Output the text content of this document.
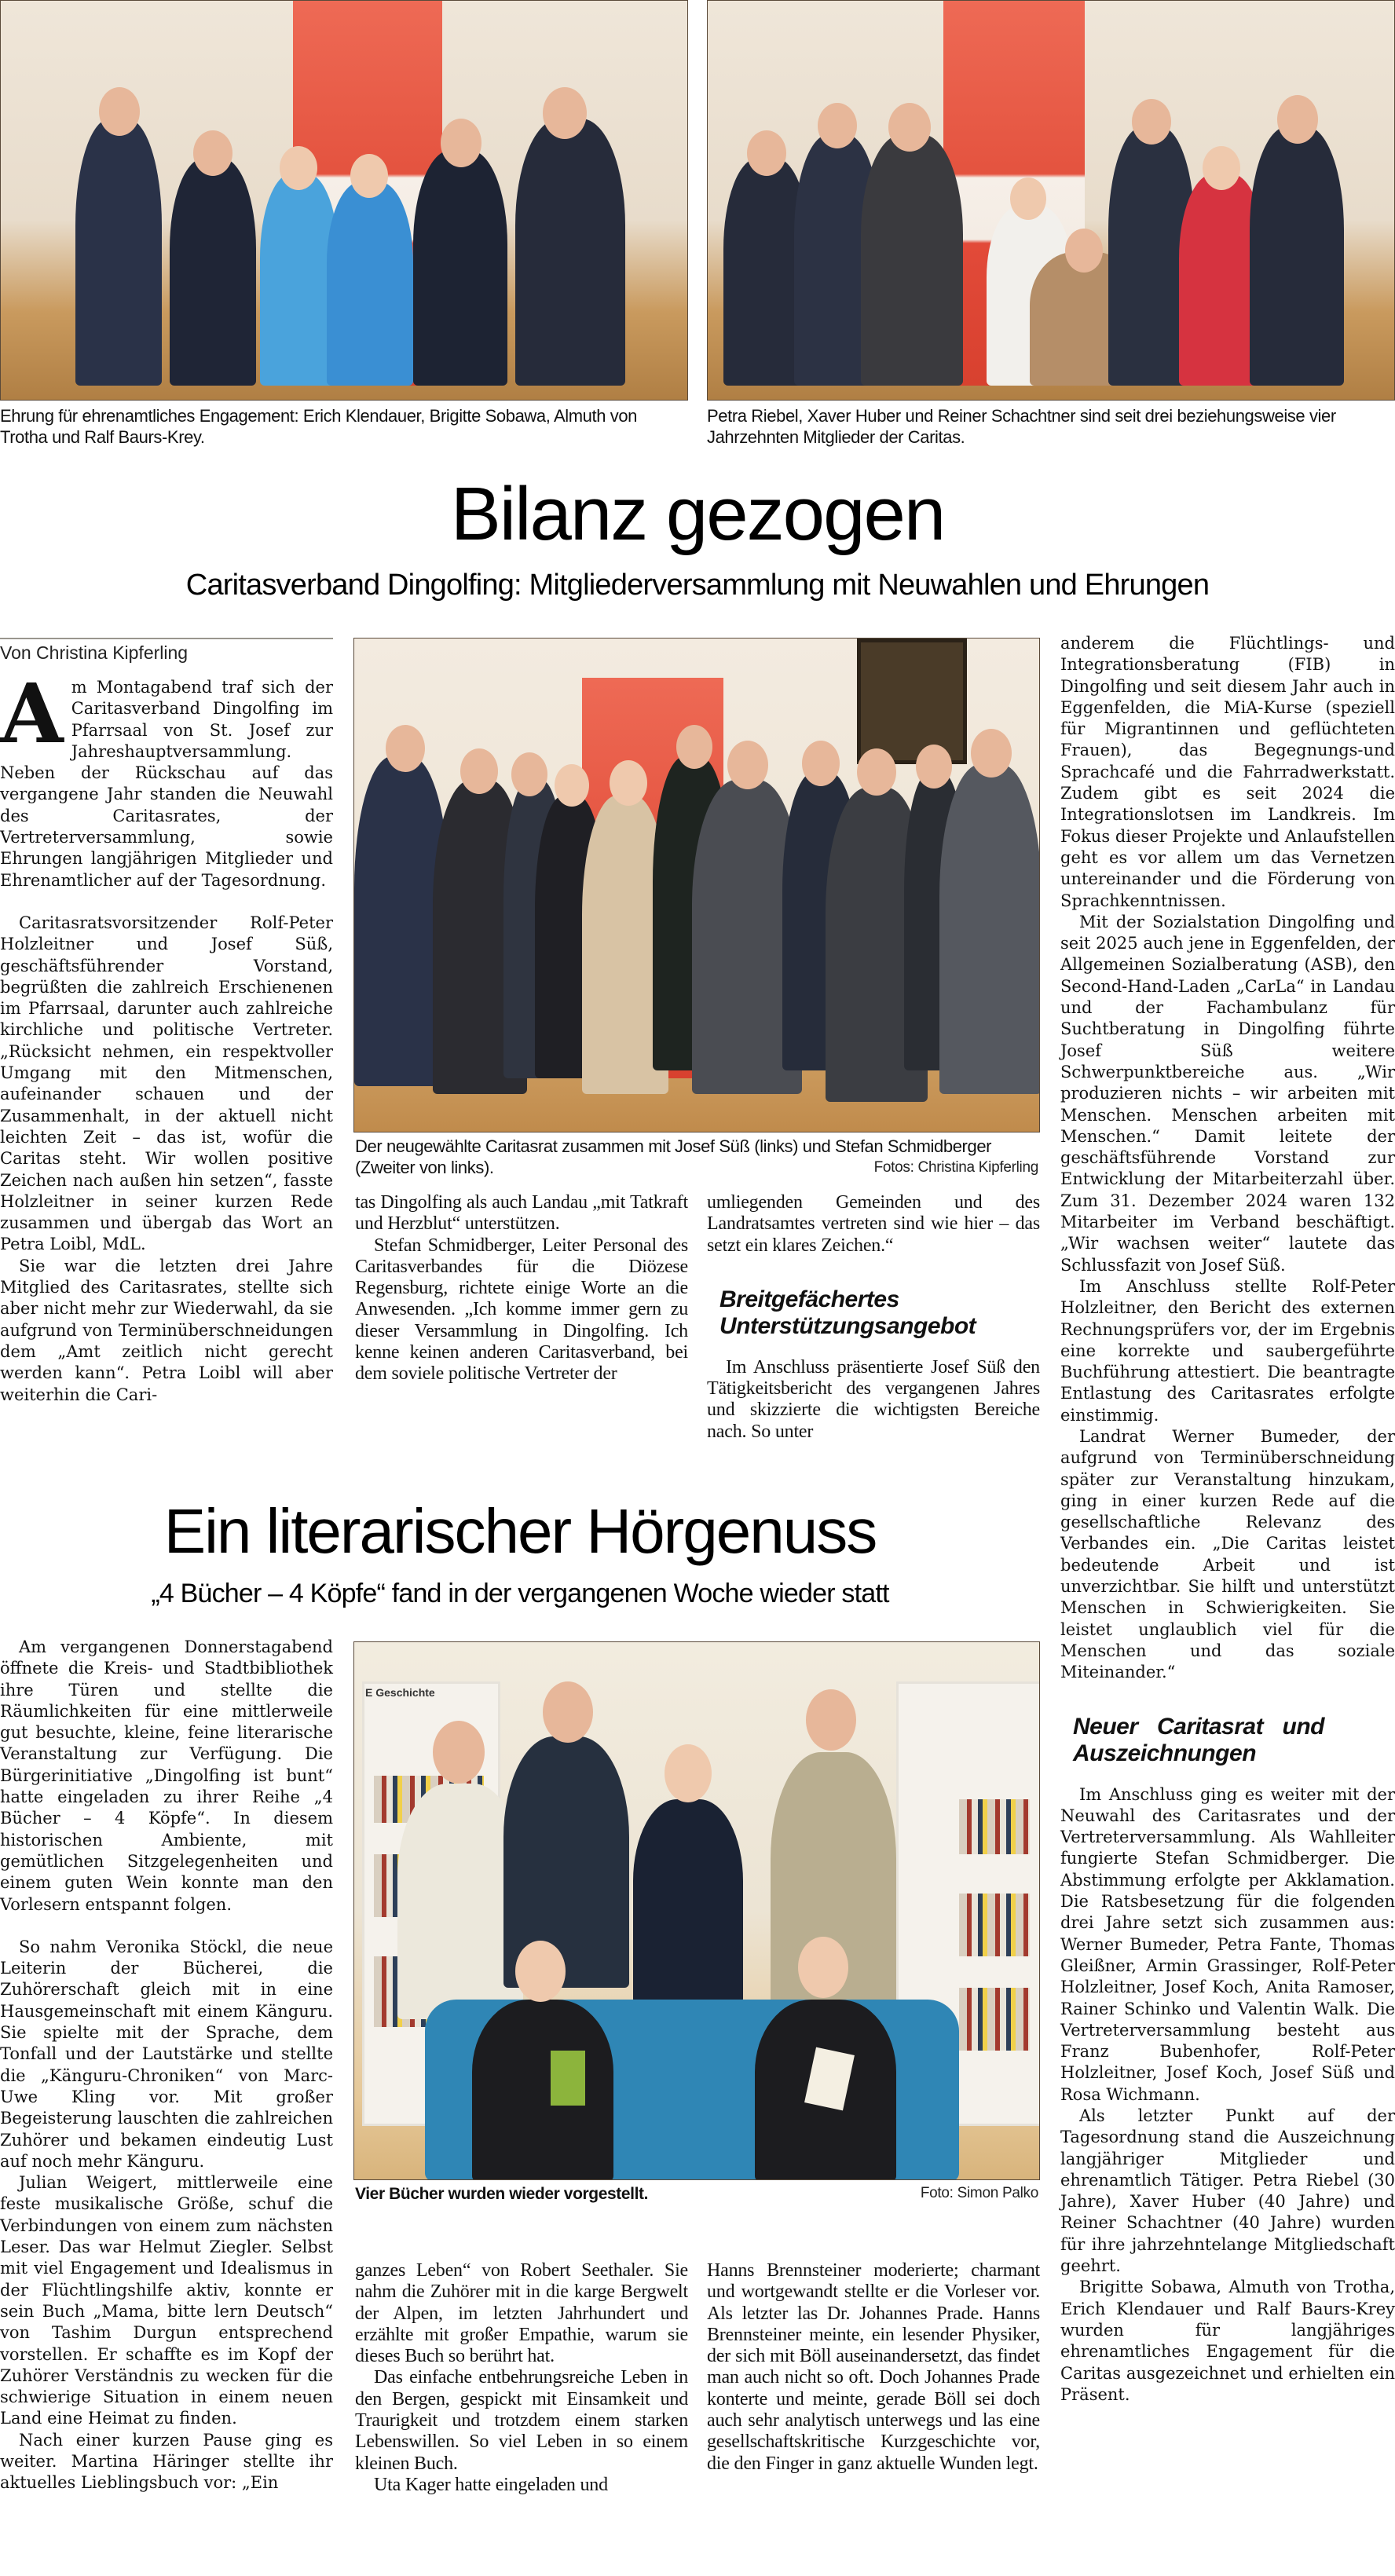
Ehrung für ehrenamtliches Engagement: Erich Klendauer, Brigitte Sobawa, Almuth von Trotha und Ralf Baurs-Krey.
Petra Riebel, Xaver Huber und Reiner Schachtner sind seit drei beziehungsweise vier Jahrzehnten Mitglieder der Caritas.
Bilanz gezogen
Caritasverband Dingolfing: Mitgliederversammlung mit Neuwahlen und Ehrungen
Von Christina Kipferling

Am Montagabend traf sich der Caritasverband Dingolfing im Pfarrsaal von St. Josef zur Jahreshauptversammlung. Neben der Rückschau auf das vergangene Jahr standen die Neuwahl des Caritasrates, der Vertreterversammlung, sowie Ehrungen langjährigen Mitglieder und Ehrenamtlicher auf der Tagesordnung.

Caritasratsvorsitzender Rolf-Peter Holzleitner und Josef Süß, geschäftsführender Vorstand, begrüßten die zahlreich Erschienenen im Pfarrsaal, darunter auch zahlreiche kirchliche und politische Vertreter. „Rücksicht nehmen, ein respektvoller Umgang mit den Mitmenschen, aufeinander schauen und der Zusammenhalt, in der aktuell nicht leichten Zeit – das ist, wofür die Caritas steht. Wir wollen positive Zeichen nach außen hin setzen“, fasste Holzleitner in seiner kurzen Rede zusammen und übergab das Wort an Petra Loibl, MdL.

Sie war die letzten drei Jahre Mitglied des Caritasrates, stellte sich aber nicht mehr zur Wiederwahl, da sie aufgrund von Terminüberschneidungen dem „Amt zeitlich nicht gerecht werden kann“. Petra Loibl will aber weiterhin die Cari-

Der neugewählte Caritasrat zusammen mit Josef Süß (links) und Stefan Schmidberger (Zweiter von links).	Fotos: Christina Kipferling

tas Dingolfing als auch Landau „mit Tatkraft und Herzblut“ unterstützen.

Stefan Schmidberger, Leiter Personal des Caritasverbandes für die Diözese Regensburg, richtete einige Worte an die Anwesenden. „Ich komme immer gern zu dieser Versammlung in Dingolfing. Ich kenne keinen anderen Caritasverband, bei dem soviele politische Vertreter der

umliegenden Gemeinden und des Landratsamtes vertreten sind wie hier – das setzt ein klares Zeichen.“

Breitgefächertes Unterstützungsangebot

Im Anschluss präsentierte Josef Süß den Tätigkeitsbericht des vergangenen Jahres und skizzierte die wichtigsten Bereiche nach. So unter

anderem die Flüchtlings- und Integrationsberatung (FIB) in Dingolfing und seit diesem Jahr auch in Eggenfelden, die MiA-Kurse (speziell für Migrantinnen und geflüchteten Frauen), das Begegnungs-und Sprachcafé und die Fahrradwerkstatt. Zudem gibt es seit 2024 die Integrationslotsen im Landkreis. Im Fokus dieser Projekte und Anlaufstellen geht es vor allem um das Vernetzen untereinander und die Förderung von Sprachkenntnissen.

Mit der Sozialstation Dingolfing und seit 2025 auch jene in Eggenfelden, der Allgemeinen Sozialberatung (ASB), den Second-Hand-Laden „CarLa“ in Landau und der Fachambulanz für Suchtberatung in Dingolfing führte Josef Süß weitere Schwerpunktbereiche aus. „Wir produzieren nichts – wir arbeiten mit Menschen. Menschen arbeiten mit Menschen.“ Damit leitete der geschäftsführende Vorstand zur Entwicklung der Mitarbeiterzahl über. Zum 31. Dezember 2024 waren 132 Mitarbeiter im Verband beschäftigt. „Wir wachsen weiter“ lautete das Schlussfazit von Josef Süß.

Im Anschluss stellte Rolf-Peter Holzleitner, den Bericht des externen Rechnungsprüfers vor, der im Ergebnis eine korrekte und saubergeführte Buchführung attestiert. Die beantragte Entlastung des Caritasrates erfolgte einstimmig.

Landrat Werner Bumeder, der aufgrund von Terminüberschneidung später zur Veranstaltung hinzukam, ging in einer kurzen Rede auf die gesellschaftliche Relevanz des Verbandes ein. „Die Caritas leistet bedeutende Arbeit und ist unverzichtbar. Sie hilft und unterstützt Menschen in Schwierigkeiten. Sie leistet unglaublich viel für die Menschen und das soziale Miteinander.“

Neuer Caritasrat und Auszeichnungen

Im Anschluss ging es weiter mit der Neuwahl des Caritasrates und der Vertreterversammlung. Als Wahlleiter fungierte Stefan Schmidberger. Die Abstimmung erfolgte per Akklamation. Die Ratsbesetzung für die folgenden drei Jahre setzt sich zusammen aus: Werner Bumeder, Petra Fante, Thomas Gleißner, Armin Grassinger, Rolf-Peter Holzleitner, Josef Koch, Anita Ramoser, Rainer Schinko und Valentin Walk. Die Vertreterversammlung besteht aus Franz Bubenhofer, Rolf-Peter Holzleitner, Josef Koch, Josef Süß und Rosa Wichmann.

Als letzter Punkt auf der Tagesordnung stand die Auszeichnung langjähriger Mitglieder und ehrenamtlich Tätiger. Petra Riebel (30 Jahre), Xaver Huber (40 Jahre) und Reiner Schachtner (40 Jahre) wurden für ihre jahrzehntelange Mitgliedschaft geehrt.

Brigitte Sobawa, Almuth von Trotha, Erich Klendauer und Ralf Baurs-Krey wurden für langjähriges ehrenamtliches Engagement für die Caritas ausgezeichnet und erhielten ein Präsent.

Ein literarischer Hörgenuss
„4 Bücher – 4 Köpfe“ fand in der vergangenen Woche wieder statt

Am vergangenen Donnerstagabend öffnete die Kreis- und Stadtbibliothek ihre Türen und stellte die Räumlichkeiten für eine mittlerweile gut besuchte, kleine, feine literarische Veranstaltung zur Verfügung. Die Bürgerinitiative „Dingolfing ist bunt“ hatte eingeladen zu ihrer Reihe „4 Bücher – 4 Köpfe“. In diesem historischen Ambiente, mit gemütlichen Sitzgelegenheiten und einem guten Wein konnte man den Vorlesern entspannt folgen.

So nahm Veronika Stöckl, die neue Leiterin der Bücherei, die Zuhörerschaft gleich mit in eine Hausgemeinschaft mit einem Känguru. Sie spielte mit der Sprache, dem Tonfall und der Lautstärke und stellte die „Känguru-Chroniken“ von Marc-Uwe Kling vor. Mit großer Begeisterung lauschten die zahlreichen Zuhörer und bekamen eindeutig Lust auf noch mehr Känguru.

Julian Weigert, mittlerweile eine feste musikalische Größe, schuf die Verbindungen von einem zum nächsten Leser. Das war Helmut Ziegler. Selbst mit viel Engagement und Idealismus in der Flüchtlingshilfe aktiv, konnte er sein Buch „Mama, bitte lern Deutsch“ von Tashim Durgun entsprechend vorstellen. Er schaffte es im Kopf der Zuhörer Verständnis zu wecken für die schwierige Situation in einem neuen Land eine Heimat zu finden.

Nach einer kurzen Pause ging es weiter. Martina Häringer stellte ihr aktuelles Lieblingsbuch vor: „Ein

E Geschichte
Vier Bücher wurden wieder vorgestellt.	Foto: Simon Palko

ganzes Leben“ von Robert Seethaler. Sie nahm die Zuhörer mit in die karge Bergwelt der Alpen, im letzten Jahrhundert und erzählte mit großer Empathie, warum sie dieses Buch so berührt hat.

Das einfache entbehrungsreiche Leben in den Bergen, gespickt mit Einsamkeit und Traurigkeit und trotzdem einem starken Lebenswillen. So viel Leben in so einem kleinen Buch.

Uta Kager hatte eingeladen und

Hanns Brennsteiner moderierte; charmant und wortgewandt stellte er die Vorleser vor. Als letzter las Dr. Johannes Prade. Hanns Brennsteiner meinte, ein lesender Physiker, der sich mit Böll auseinandersetzt, das findet man auch nicht so oft. Doch Johannes Prade konterte und meinte, gerade Böll sei doch auch sehr analytisch unterwegs und las eine gesellschaftskritische Kurzgeschichte vor, die den Finger in ganz aktuelle Wunden legt.
